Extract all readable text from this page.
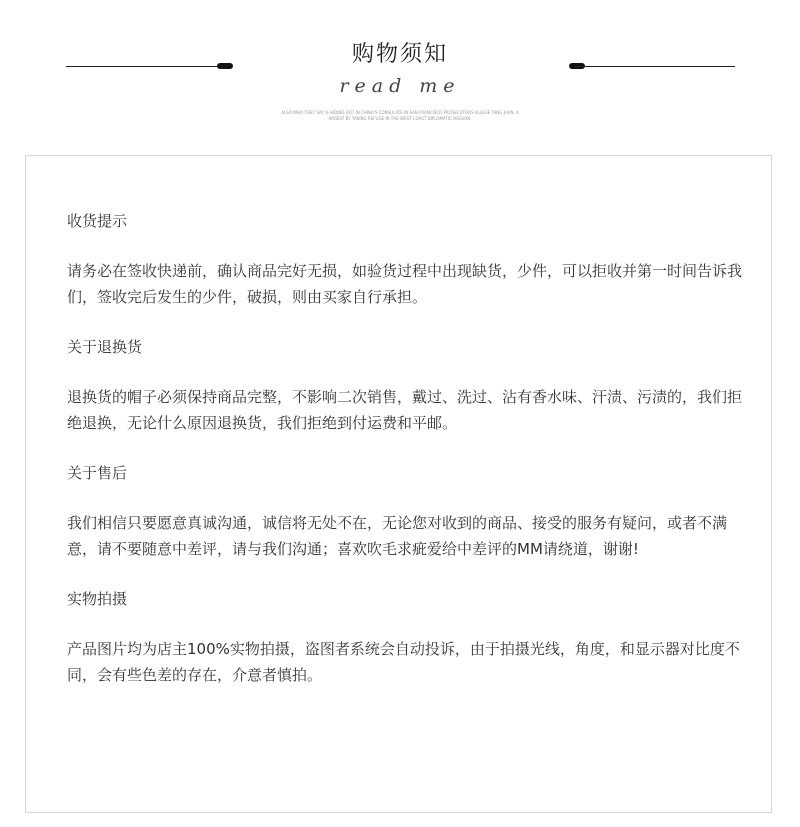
购物须知
read me
ALSO WHO THEY SAY IS HIDING OUT IN CHINA'S CONSULATE IN SAN FRANCISCO PROSECUTORS ALLEGE TANG JUAN, A
ARREST BY TAKING REFUGE IN THE WEST COAST DIPLOMATIC MISSION.
收货提示
请务必在签收快递前，确认商品完好无损，如验货过程中出现缺货，少件，可以拒收并第一时间告诉我们，签收完后发生的少件，破损，则由买家自行承担。
关于退换货
退换货的帽子必须保持商品完整，不影响二次销售，戴过、洗过、沾有香水味、汗渍、污渍的，我们拒绝退换，无论什么原因退换货，我们拒绝到付运费和平邮。
关于售后
我们相信只要愿意真诚沟通，诚信将无处不在，无论您对收到的商品、接受的服务有疑问，或者不满意，请不要随意中差评，请与我们沟通；喜欢吹毛求疵爱给中差评的MM请绕道，谢谢!
实物拍摄
产品图片均为店主100%实物拍摄，盗图者系统会自动投诉，由于拍摄光线，角度，和显示器对比度不同，会有些色差的存在，介意者慎拍。
